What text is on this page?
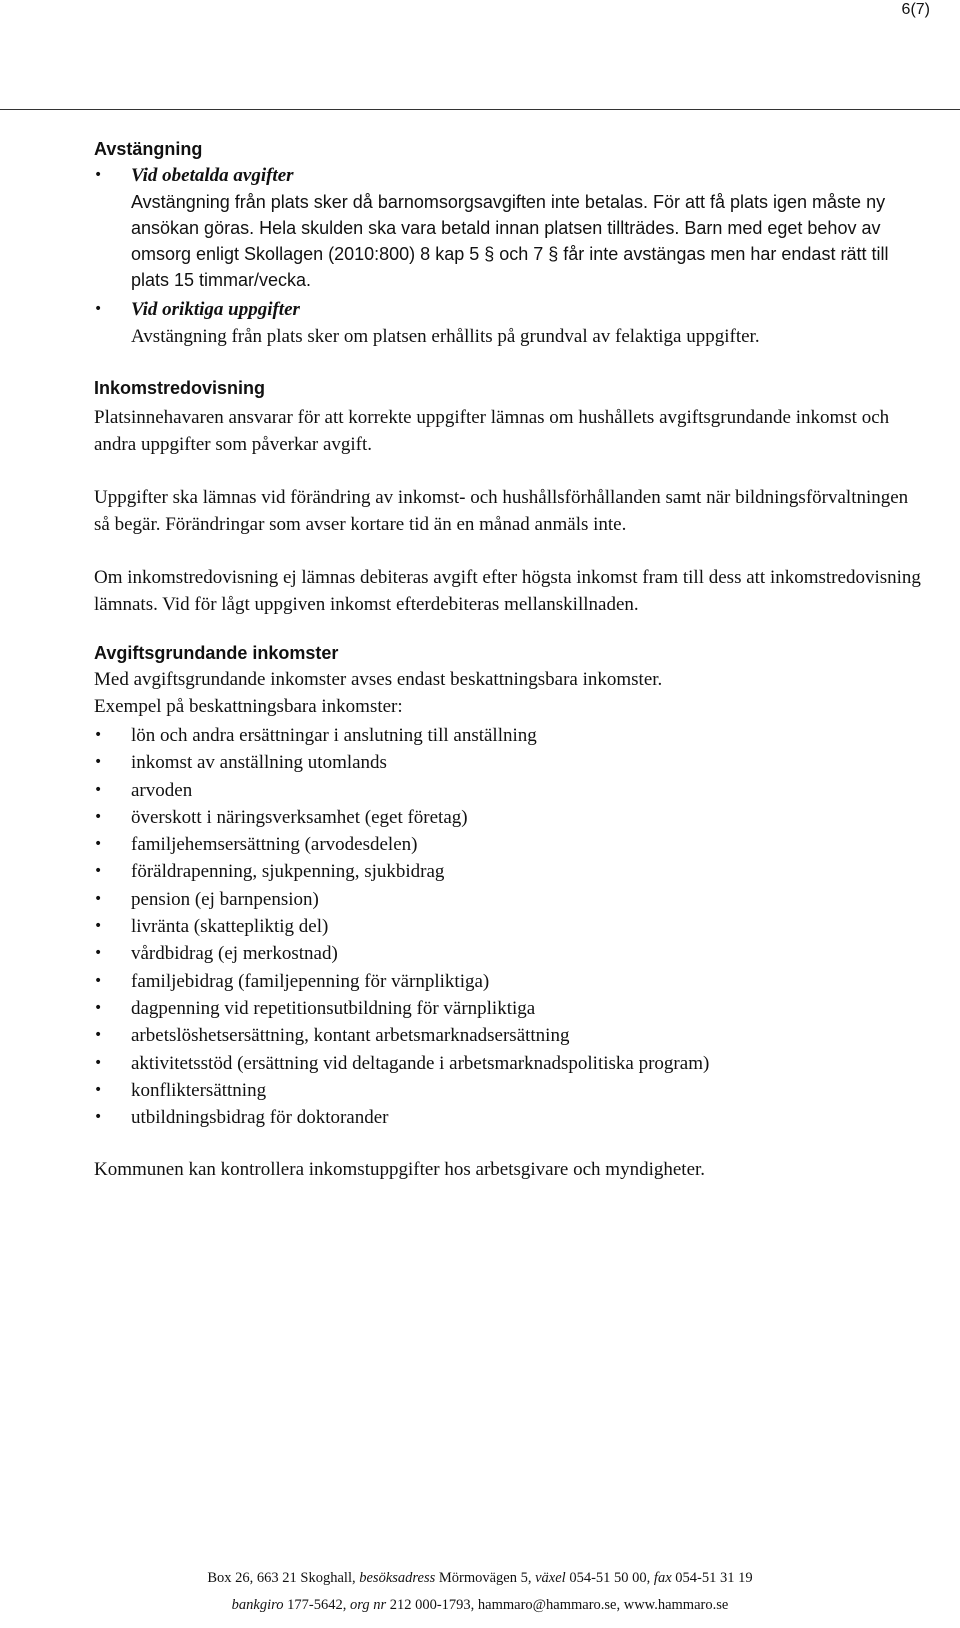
6(7)
Avstängning
• Vid obetalda avgifter
Avstängning från plats sker då barnomsorgsavgiften inte betalas. För att få plats igen måste ny ansökan göras. Hela skulden ska vara betald innan platsen tillträdes. Barn med eget behov av omsorg enligt Skollagen (2010:800) 8 kap 5 § och 7 § får inte avstängas men har endast rätt till plats 15 timmar/vecka.
• Vid oriktiga uppgifter
Avstängning från plats sker om platsen erhållits på grundval av felaktiga uppgifter.
Inkomstredovisning

Platsinnehavaren ansvarar för att korrekte uppgifter lämnas om hushållets avgiftsgrundande inkomst och andra uppgifter som påverkar avgift.

Uppgifter ska lämnas vid förändring av inkomst- och hushållsförhållanden samt när bildningsförvaltningen så begär. Förändringar som avser kortare tid än en månad anmäls inte.

Om inkomstredovisning ej lämnas debiteras avgift efter högsta inkomst fram till dess att inkomstredovisning lämnats. Vid för lågt uppgiven inkomst efterdebiteras mellanskillnaden.

Avgiftsgrundande inkomster

Med avgiftsgrundande inkomster avses endast beskattningsbara inkomster.

Exempel på beskattningsbara inkomster:

• lön och andra ersättningar i anslutning till anställning
• inkomst av anställning utomlands
• arvoden
• överskott i näringsverksamhet (eget företag)
• familjehemsersättning (arvodesdelen)
• föräldrapenning, sjukpenning, sjukbidrag
• pension (ej barnpension)
• livränta (skattepliktig del)
• vårdbidrag (ej merkostnad)
• familjebidrag (familjepenning för värnpliktiga)
• dagpenning vid repetitionsutbildning för värnpliktiga
• arbetslöshetsersättning, kontant arbetsmarknadsersättning
• aktivitetsstöd (ersättning vid deltagande i arbetsmarknadspolitiska program)
• konfliktersättning
• utbildningsbidrag för doktorander

Kommunen kan kontrollera inkomstuppgifter hos arbetsgivare och myndigheter.

Box 26, 663 21 Skoghall, besöksadress Mörmovägen 5, växel 054-51 50 00, fax 054-51 31 19
bankgiro 177-5642, org nr 212 000-1793, hammaro@hammaro.se, www.hammaro.se
